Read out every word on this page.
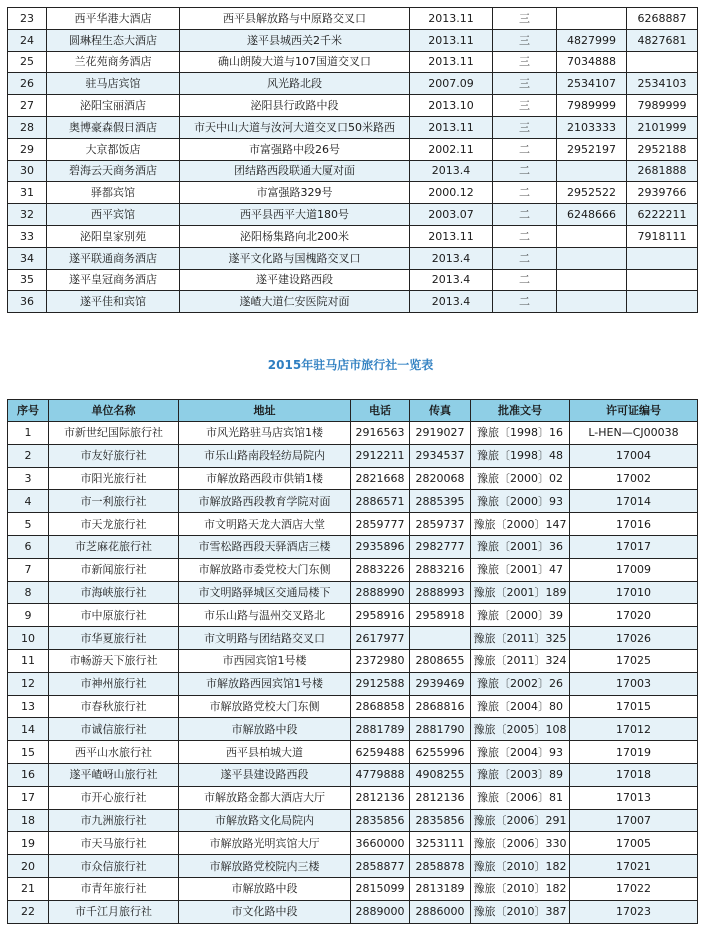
23	西平华港大酒店	西平县解放路与中原路交叉口	2013.11	三		6268887
24	圆琳程生态大酒店	遂平县城西关2千米	2013.11	三	4827999	4827681
25	兰花苑商务酒店	确山朗陵大道与107国道交叉口	2013.11	三	7034888	
26	驻马店宾馆	风光路北段	2007.09	三	2534107	2534103
27	泌阳宝丽酒店	泌阳县行政路中段	2013.10	三	7989999	7989999
28	奥博豪森假日酒店	市天中山大道与汝河大道交叉口50米路西	2013.11	三	2103333	2101999
29	大京都饭店	市富强路中段26号	2002.11	二	2952197	2952188
30	碧海云天商务酒店	团结路西段联通大厦对面	2013.4	二		2681888
31	驿都宾馆	市富强路329号	2000.12	二	2952522	2939766
32	西平宾馆	西平县西平大道180号	2003.07	二	6248666	6222211
33	泌阳皇家别苑	泌阳杨集路向北200米	2013.11	二		7918111
34	遂平联通商务酒店	遂平文化路与国槐路交叉口	2013.4	二		
35	遂平皇冠商务酒店	遂平建设路西段	2013.4	二		
36	遂平佳和宾馆	遂嵖大道仁安医院对面	2013.4	二		
2015年驻马店市旅行社一览表
序号	单位名称	地址	电话	传真	批准文号	许可证编号
1	市新世纪国际旅行社	市风光路驻马店宾馆1楼	2916563	2919027	豫旅〔1998〕16	L-HEN—CJ00038
2	市友好旅行社	市乐山路南段轻纺局院内	2912211	2934537	豫旅〔1998〕48	17004
3	市阳光旅行社	市解放路西段市供销1楼	2821668	2820068	豫旅〔2000〕02	17002
4	市一利旅行社	市解放路西段教育学院对面	2886571	2885395	豫旅〔2000〕93	17014
5	市天龙旅行社	市文明路天龙大酒店大堂	2859777	2859737	豫旅〔2000〕147	17016
6	市芝麻花旅行社	市雪松路西段天驿酒店三楼	2935896	2982777	豫旅〔2001〕36	17017
7	市新闻旅行社	市解放路市委党校大门东侧	2883226	2883216	豫旅〔2001〕47	17009
8	市海峡旅行社	市文明路驿城区交通局楼下	2888990	2888993	豫旅〔2001〕189	17010
9	市中原旅行社	市乐山路与温州交叉路北	2958916	2958918	豫旅〔2000〕39	17020
10	市华夏旅行社	市文明路与团结路交叉口	2617977		豫旅〔2011〕325	17026
11	市畅游天下旅行社	市西园宾馆1号楼	2372980	2808655	豫旅〔2011〕324	17025
12	市神州旅行社	市解放路西园宾馆1号楼	2912588	2939469	豫旅〔2002〕26	17003
13	市春秋旅行社	市解放路党校大门东侧	2868858	2868816	豫旅〔2004〕80	17015
14	市诚信旅行社	市解放路中段	2881789	2881790	豫旅〔2005〕108	17012
15	西平山水旅行社	西平县柏城大道	6259488	6255996	豫旅〔2004〕93	17019
16	遂平嵖岈山旅行社	遂平县建设路西段	4779888	4908255	豫旅〔2003〕89	17018
17	市开心旅行社	市解放路金都大酒店大厅	2812136	2812136	豫旅〔2006〕81	17013
18	市九洲旅行社	市解放路文化局院内	2835856	2835856	豫旅〔2006〕291	17007
19	市天马旅行社	市解放路光明宾馆大厅	3660000	3253111	豫旅〔2006〕330	17005
20	市众信旅行社	市解放路党校院内三楼	2858877	2858878	豫旅〔2010〕182	17021
21	市青年旅行社	市解放路中段	2815099	2813189	豫旅〔2010〕182	17022
22	市千江月旅行社	市文化路中段	2889000	2886000	豫旅〔2010〕387	17023
